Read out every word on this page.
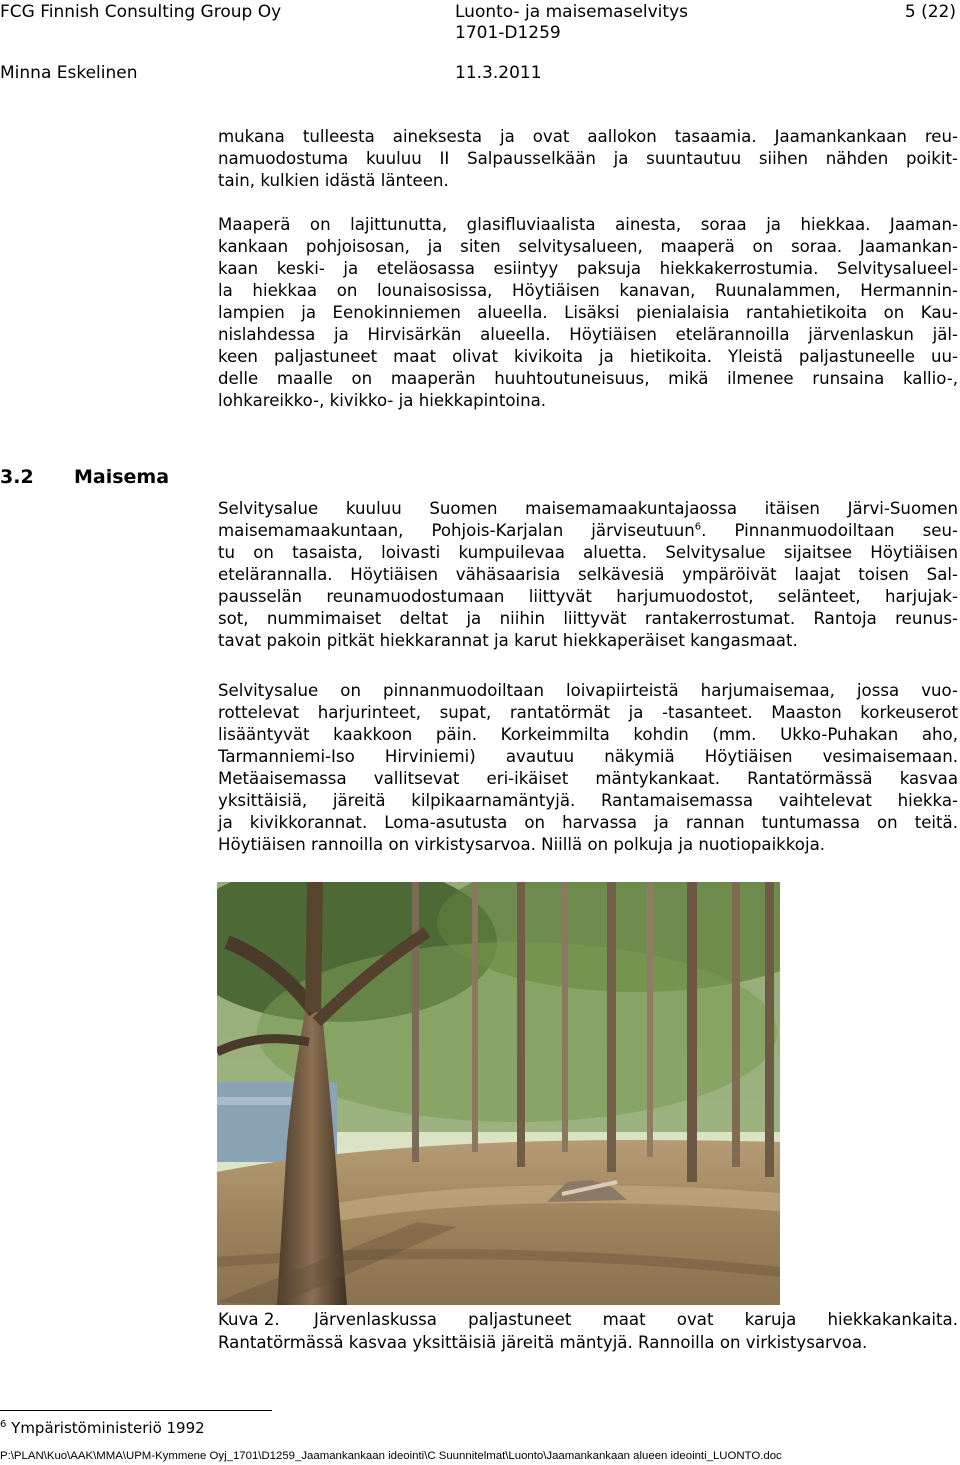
FCG Finnish Consulting Group Oy	Luonto- ja maisemaselvitys
1701-D1259
5 (22)
Minna Eskelinen	11.3.2011
mukana tulleesta aineksesta ja ovat aallokon tasaamia. Jaamankankaan reu-
namuodostuma kuuluu II Salpausselkään ja suuntautuu siihen nähden poikit-
tain, kulkien idästä länteen.
Maaperä on lajittunutta, glasifluviaalista ainesta, soraa ja hiekkaa. Jaaman-
kankaan pohjoisosan, ja siten selvitysalueen, maaperä on soraa. Jaamankan-
kaan keski- ja eteläosassa esiintyy paksuja hiekkakerrostumia. Selvitysalueel-
la hiekkaa on lounaisosissa, Höytiäisen kanavan, Ruunalammen, Hermannin-
lampien ja Eenokinniemen alueella. Lisäksi pienialaisia rantahietikoita on Kau-
nislahdessa ja Hirvisärkän alueella. Höytiäisen etelärannoilla järvenlaskun jäl-
keen paljastuneet maat olivat kivikoita ja hietikoita. Yleistä paljastuneelle uu-
delle maalle on maaperän huuhtoutuneisuus, mikä ilmenee runsaina kallio-,
lohkareikko-, kivikko- ja hiekkapintoina.
3.2 Maisema
Selvitysalue kuuluu Suomen maisemamaakuntajaossa itäisen Järvi-Suomen
maisemamaakuntaan, Pohjois-Karjalan järviseutuun$^6$. Pinnanmuodoiltaan seu-
tu on tasaista, loivasti kumpuilevaa aluetta. Selvitysalue sijaitsee Höytiäisen
etelärannalla. Höytiäisen vähäsaarisia selkävesiä ympäröivät laajat toisen Sal-
pausselän reunamuodostumaan liittyvät harjumuodostot, selänteet, harjujak-
sot, nummimaiset deltat ja niihin liittyvät rantakerrostumat. Rantoja reunus-
tavat pakoin pitkät hiekkarannat ja karut hiekkaperäiset kangasmaat.
Selvitysalue on pinnanmuodoiltaan loivapiirteistä harjumaisemaa, jossa vuo-
rottelevat harjurinteet, supat, rantatörmät ja -tasanteet. Maaston korkeuserot
lisääntyvät kaakkoon päin. Korkeimmilta kohdin (mm. Ukko-Puhakan aho,
Tarmanniemi-Iso Hirviniemi) avautuu näkymiä Höytiäisen vesimaisemaan.
Metäaisemassa vallitsevat eri-ikäiset mäntykankaat. Rantatörmässä kasvaa
yksittäisiä, järeitä kilpikaarnamäntyjä. Rantamaisemassa vaihtelevat hiekka-
ja kivikkorannat. Loma-asutusta on harvassa ja rannan tuntumassa on teitä.
Höytiäisen rannoilla on virkistysarvoa. Niillä on polkuja ja nuotiopaikkoja.
Kuva 2.	Järvenlaskussa paljastuneet maat ovat karuja hiekkakankaita.
Rantatörmässä kasvaa yksittäisiä järeitä mäntyjä. Rannoilla on virkistysarvoa.
$^6$ Ympäristöministeriö 1992
P:\PLAN\Kuo\AAK\MMA\UPM-Kymmene Oyj_1701\D1259_Jaamankankaan ideointi\C Suunnitelmat\Luonto\Jaamankankaan alueen ideointi_LUONTO.doc
